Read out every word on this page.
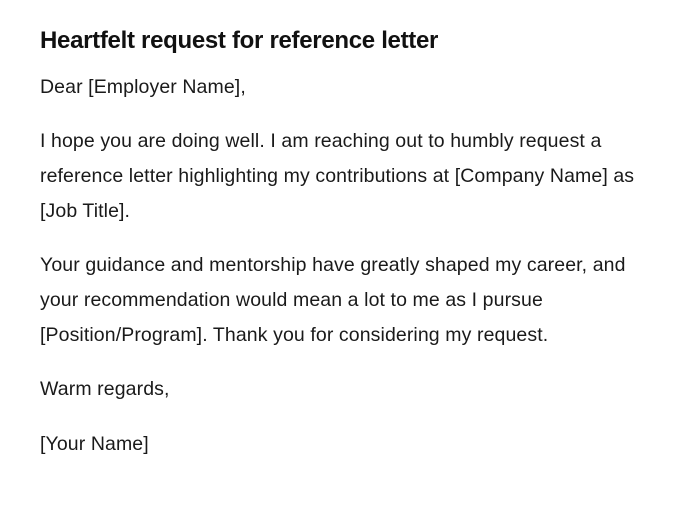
Heartfelt request for reference letter

Dear [Employer Name],

I hope you are doing well. I am reaching out to humbly request a reference letter highlighting my contributions at [Company Name] as [Job Title].

Your guidance and mentorship have greatly shaped my career, and your recommendation would mean a lot to me as I pursue [Position/Program]. Thank you for considering my request.

Warm regards,

[Your Name]
